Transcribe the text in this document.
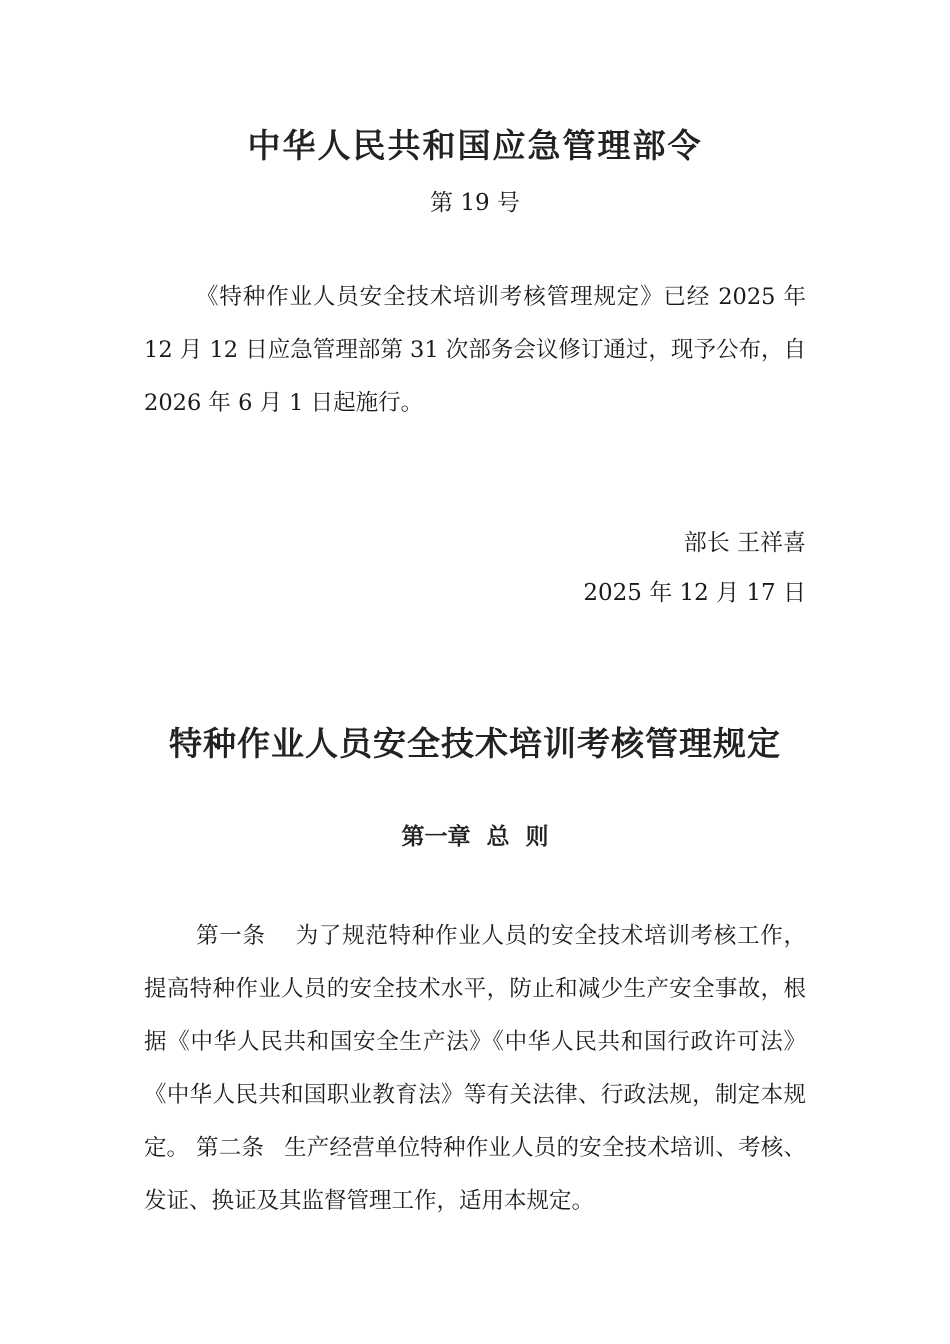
中华人民共和国应急管理部令
第 19 号

《特种作业人员安全技术培训考核管理规定》已经 2025 年 12 月 12 日应急管理部第 31 次部务会议修订通过，现予公布，自 2026 年 6 月 1 日起施行。

部长 王祥喜
2025 年 12 月 17 日
特种作业人员安全技术培训考核管理规定
第一章  总  则

第一条 为了规范特种作业人员的安全技术培训考核工作，提高特种作业人员的安全技术水平，防止和减少生产安全事故，根据《中华人民共和国安全生产法》《中华人民共和国行政许可法》《中华人民共和国职业教育法》等有关法律、行政法规，制定本规定。 第二条 生产经营单位特种作业人员的安全技术培训、考核、发证、换证及其监督管理工作，适用本规定。
